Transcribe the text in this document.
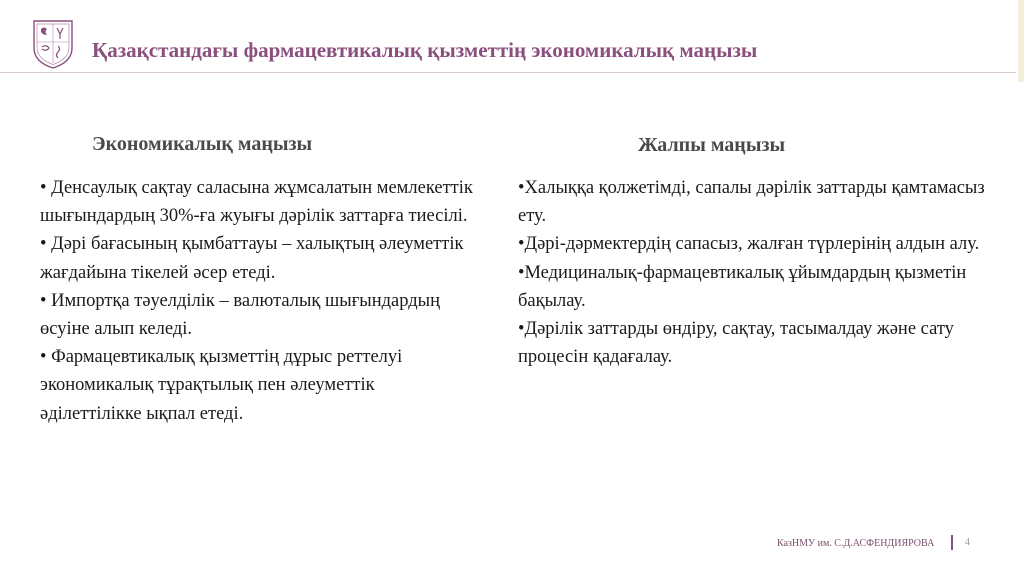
Қазақстандағы фармацевтикалық қызметтің экономикалық маңызы
Экономикалық маңызы	Жалпы маңызы
• Денсаулық сақтау саласына жұмсалатын мемлекеттік шығындардың 30%-ға жуығы дәрілік заттарға тиесілі.
• Дәрі бағасының қымбаттауы – халықтың әлеуметтік жағдайына тікелей әсер етеді.
• Импортқа тәуелділік – валюталық шығындардың өсуіне алып келеді.
• Фармацевтикалық қызметтің дұрыс реттелуі экономикалық тұрақтылық пен әлеуметтік әділеттілікке ықпал етеді.
•Халыққа қолжетімді, сапалы дәрілік заттарды қамтамасыз ету.
•Дәрі-дәрмектердің сапасыз, жалған түрлерінің алдын алу.
•Медициналық-фармацевтикалық ұйымдардың қызметін бақылау.
•Дәрілік заттарды өндіру, сақтау, тасымалдау және сату процесін қадағалау.
КазНМУ им. С.Д.АСФЕНДИЯРОВА	4
